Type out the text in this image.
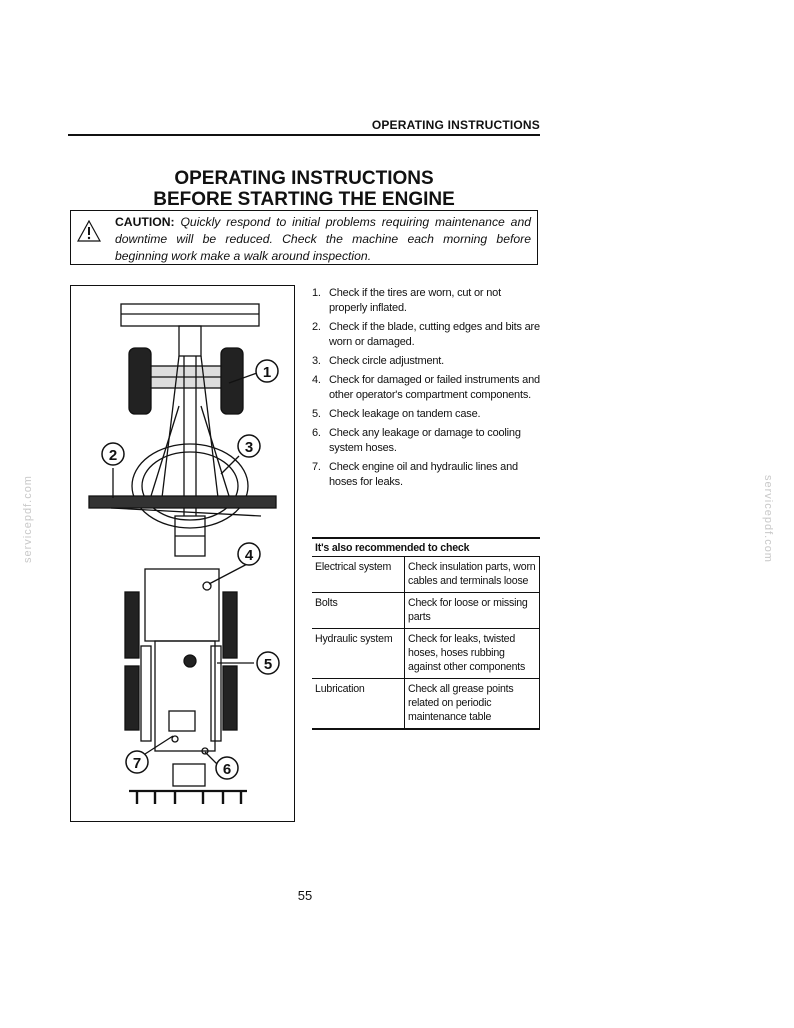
OPERATING INSTRUCTIONS
OPERATING INSTRUCTIONS
BEFORE STARTING THE ENGINE
CAUTION: Quickly respond to initial problems requiring maintenance and downtime will be reduced. Check the machine each morning before beginning work make a walk around inspection.
1
2	3
4
5
6
7
1. Check if the tires are worn, cut or not properly inflated.
2. Check if the blade, cutting edges and bits are worn or damaged.
3. Check circle adjustment.
4. Check for damaged or failed instruments and other operator's compartment components.
5. Check leakage on tandem case.
6. Check any leakage or damage to cooling system hoses.
7. Check engine oil and hydraulic lines and hoses for leaks.
It's also recommended to check	
Electrical system	Check insulation parts, worn cables and terminals loose
Bolts	Check for loose or missing parts
Hydraulic system	Check for leaks, twisted hoses, hoses rubbing against other components
Lubrication	Check all grease points related on periodic maintenance table
55
servicepdf.com	servicepdf.com
